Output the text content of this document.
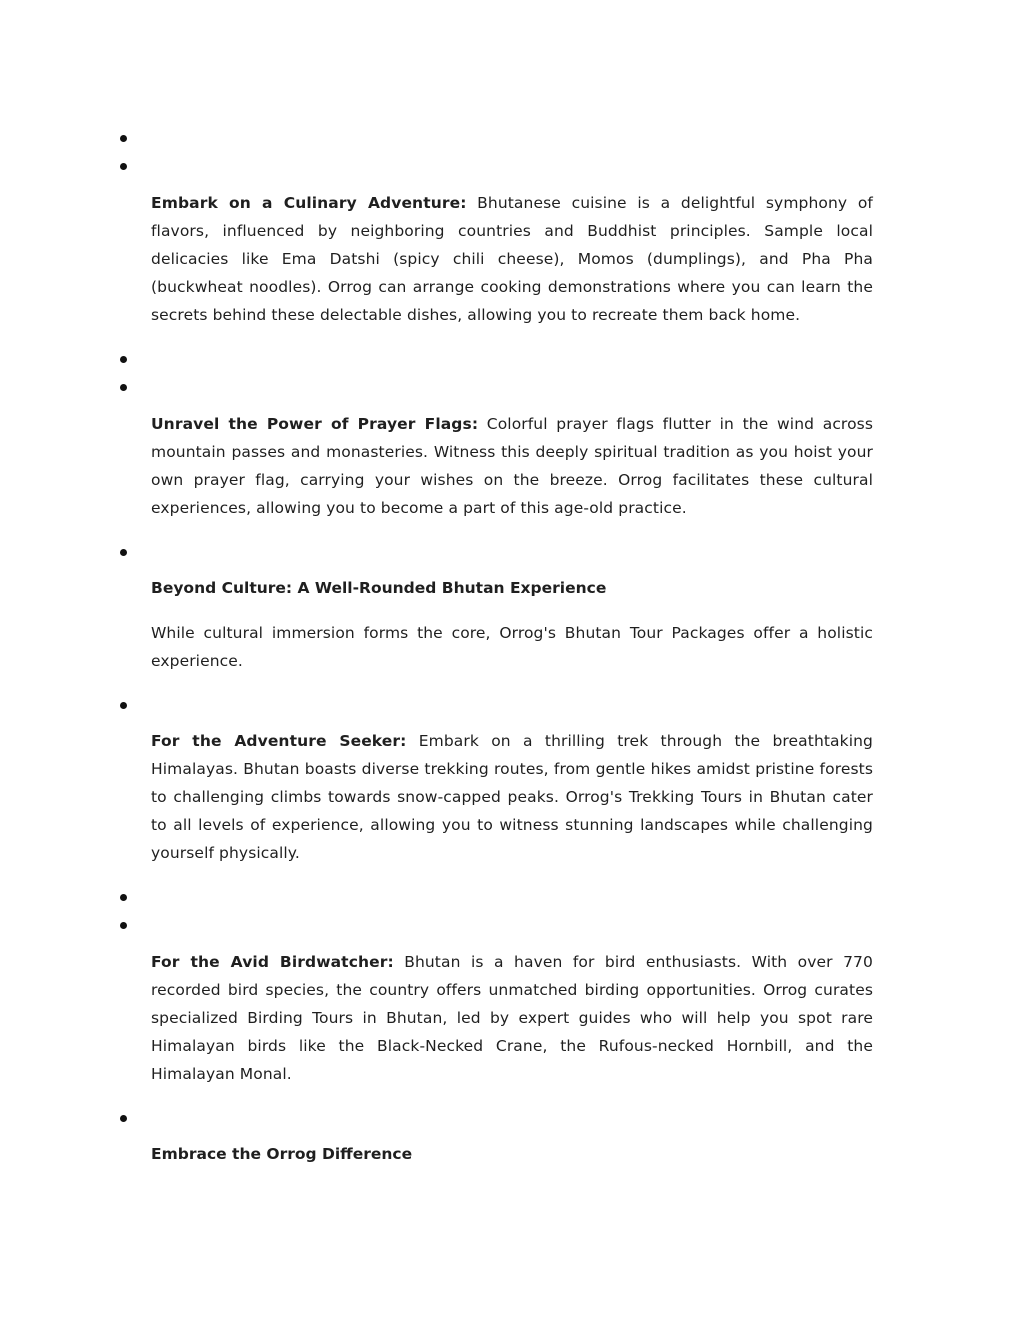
Embark on a Culinary Adventure: Bhutanese cuisine is a delightful symphony of flavors, influenced by neighboring countries and Buddhist principles. Sample local delicacies like Ema Datshi (spicy chili cheese), Momos (dumplings), and Pha Pha (buckwheat noodles). Orrog can arrange cooking demonstrations where you can learn the secrets behind these delectable dishes, allowing you to recreate them back home.

Unravel the Power of Prayer Flags: Colorful prayer flags flutter in the wind across mountain passes and monasteries. Witness this deeply spiritual tradition as you hoist your own prayer flag, carrying your wishes on the breeze. Orrog facilitates these cultural experiences, allowing you to become a part of this age-old practice.

Beyond Culture: A Well-Rounded Bhutan Experience

While cultural immersion forms the core, Orrog's Bhutan Tour Packages offer a holistic experience.

For the Adventure Seeker: Embark on a thrilling trek through the breathtaking Himalayas. Bhutan boasts diverse trekking routes, from gentle hikes amidst pristine forests to challenging climbs towards snow-capped peaks. Orrog's Trekking Tours in Bhutan cater to all levels of experience, allowing you to witness stunning landscapes while challenging yourself physically.

For the Avid Birdwatcher: Bhutan is a haven for bird enthusiasts. With over 770 recorded bird species, the country offers unmatched birding opportunities. Orrog curates specialized Birding Tours in Bhutan, led by expert guides who will help you spot rare Himalayan birds like the Black-Necked Crane, the Rufous-necked Hornbill, and the Himalayan Monal.

Embrace the Orrog Difference
